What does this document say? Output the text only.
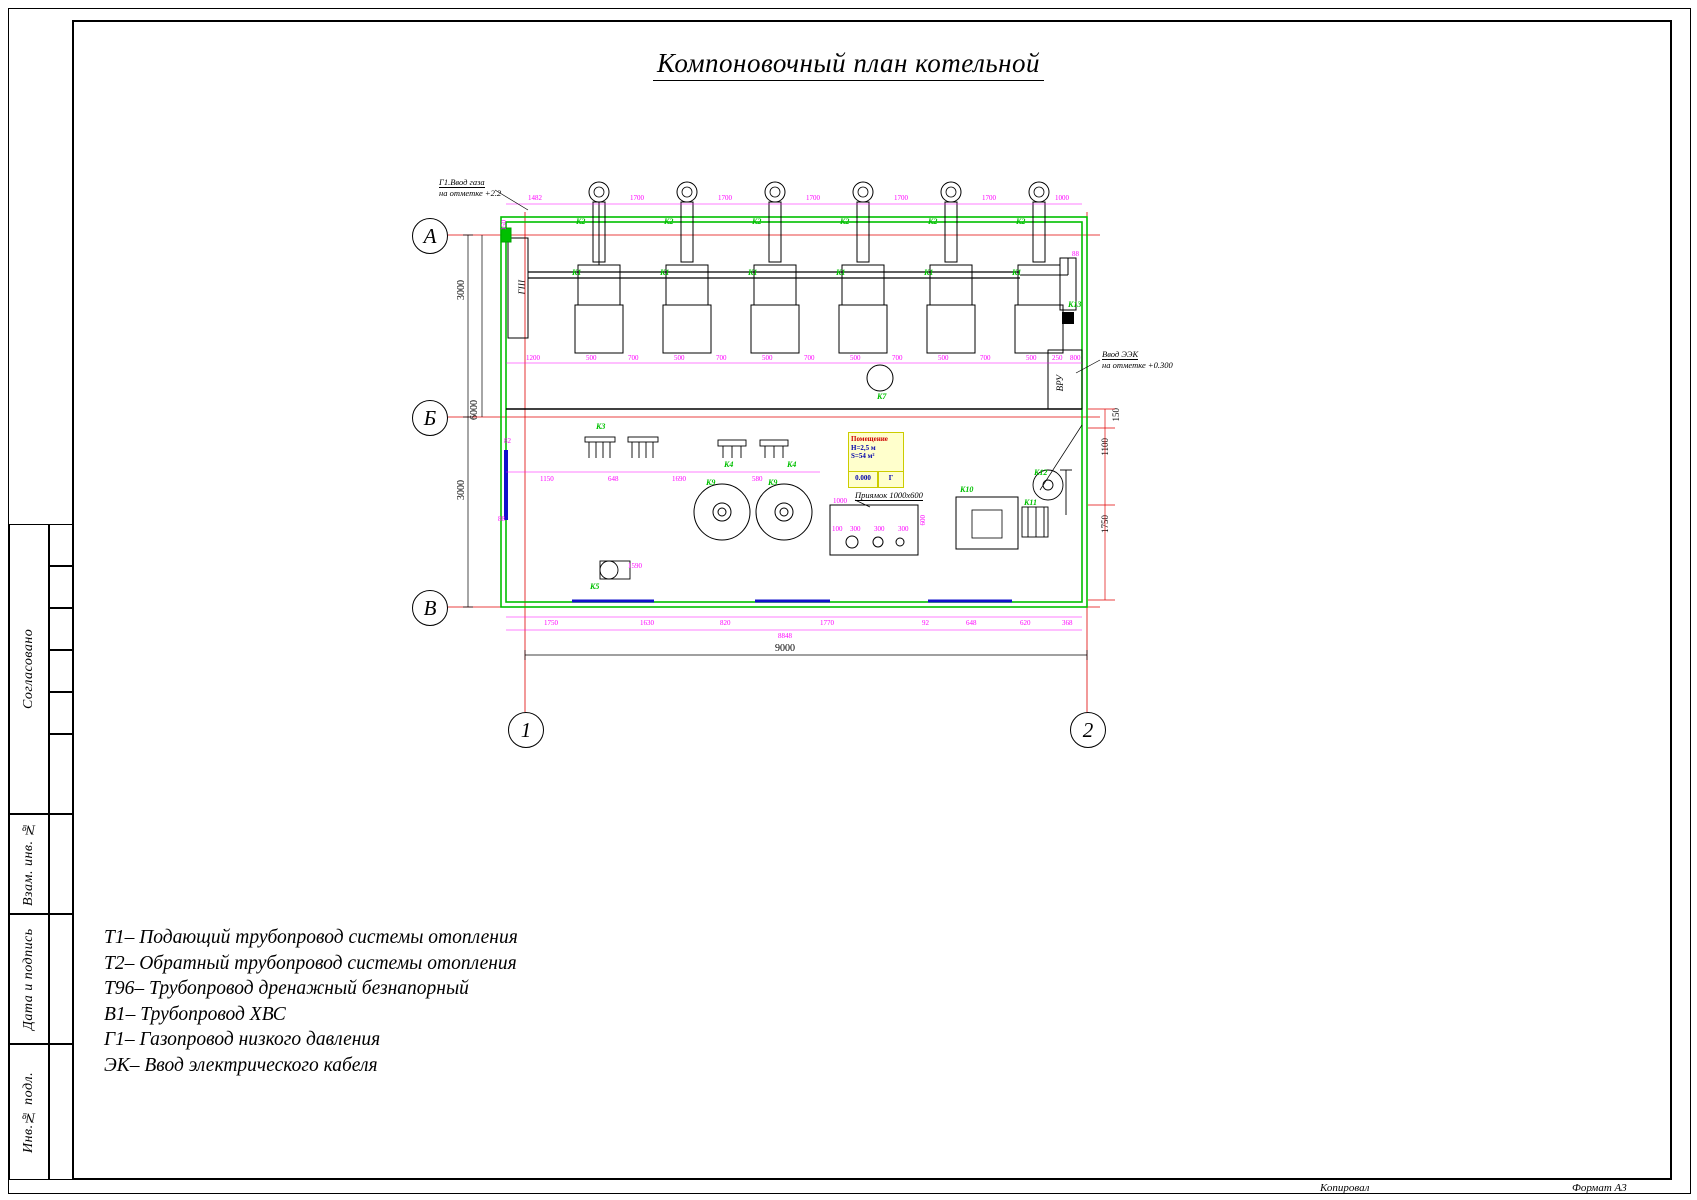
Согласовано
Взам. инв. №
Дата и подпись
Инв.№ подл.
Компоновочный план котельной
А
Б
В
1	2
3000
6000
3000
9000
150
1100
1750
Г1.Ввод газа
на отметке +2.2
Ввод ЭЭК
на отметке +0.300
Приямок 1000х600
Помещение
H=2,5 м
S=54 м²
0.000	Г
ГШ
ВРУ
1482	1700	1700	1700	1700	1700	1000
1200	500	700	500	700	500	700	500	700	500	700	500 250 800
1150	648	1690	580
1750	1630	820	1770	92	648	620	368
8848
1000
100 300 300 300
600
1590
88
150
82
88
К1
К2
К1
К2
К1
К2
К1
К2
К1
К2
К1
К2
К13
К7
К3
К4	К4
К9	К9
К10
К11
К12
К5
Т1– Подающий трубопровод системы отопления
Т2– Обратный трубопровод системы отопления
Т96– Трубопровод дренажный безнапорный
В1– Трубопровод ХВС
Г1– Газопровод низкого давления
ЭК– Ввод электрического кабеля
Копировал	Формат А3
